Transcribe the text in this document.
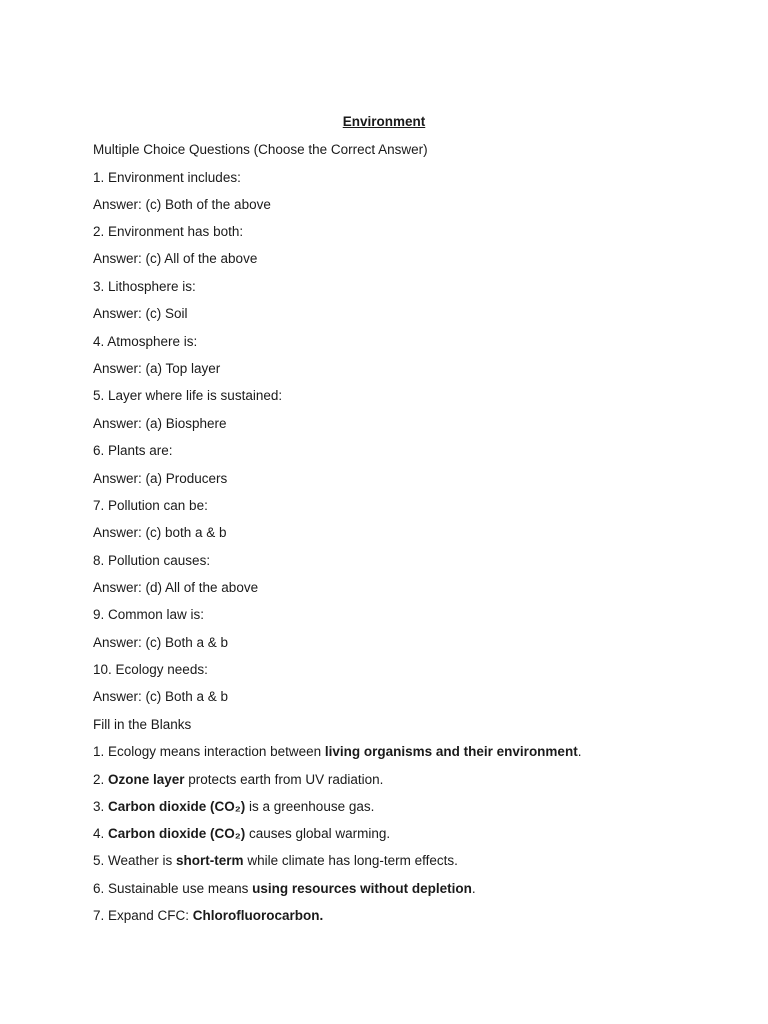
Environment
Multiple Choice Questions (Choose the Correct Answer)
1. Environment includes:
Answer: (c) Both of the above
2. Environment has both:
Answer: (c) All of the above
3. Lithosphere is:
Answer: (c) Soil
4. Atmosphere is:
Answer: (a) Top layer
5. Layer where life is sustained:
Answer: (a) Biosphere
6. Plants are:
Answer: (a) Producers
7. Pollution can be:
Answer: (c) both a & b
8. Pollution causes:
Answer: (d) All of the above
9. Common law is:
Answer: (c) Both a & b
10. Ecology needs:
Answer: (c) Both a & b
Fill in the Blanks
1. Ecology means interaction between living organisms and their environment.
2. Ozone layer protects earth from UV radiation.
3. Carbon dioxide (CO₂) is a greenhouse gas.
4. Carbon dioxide (CO₂) causes global warming.
5. Weather is short-term while climate has long-term effects.
6. Sustainable use means using resources without depletion.
7. Expand CFC: Chlorofluorocarbon.
